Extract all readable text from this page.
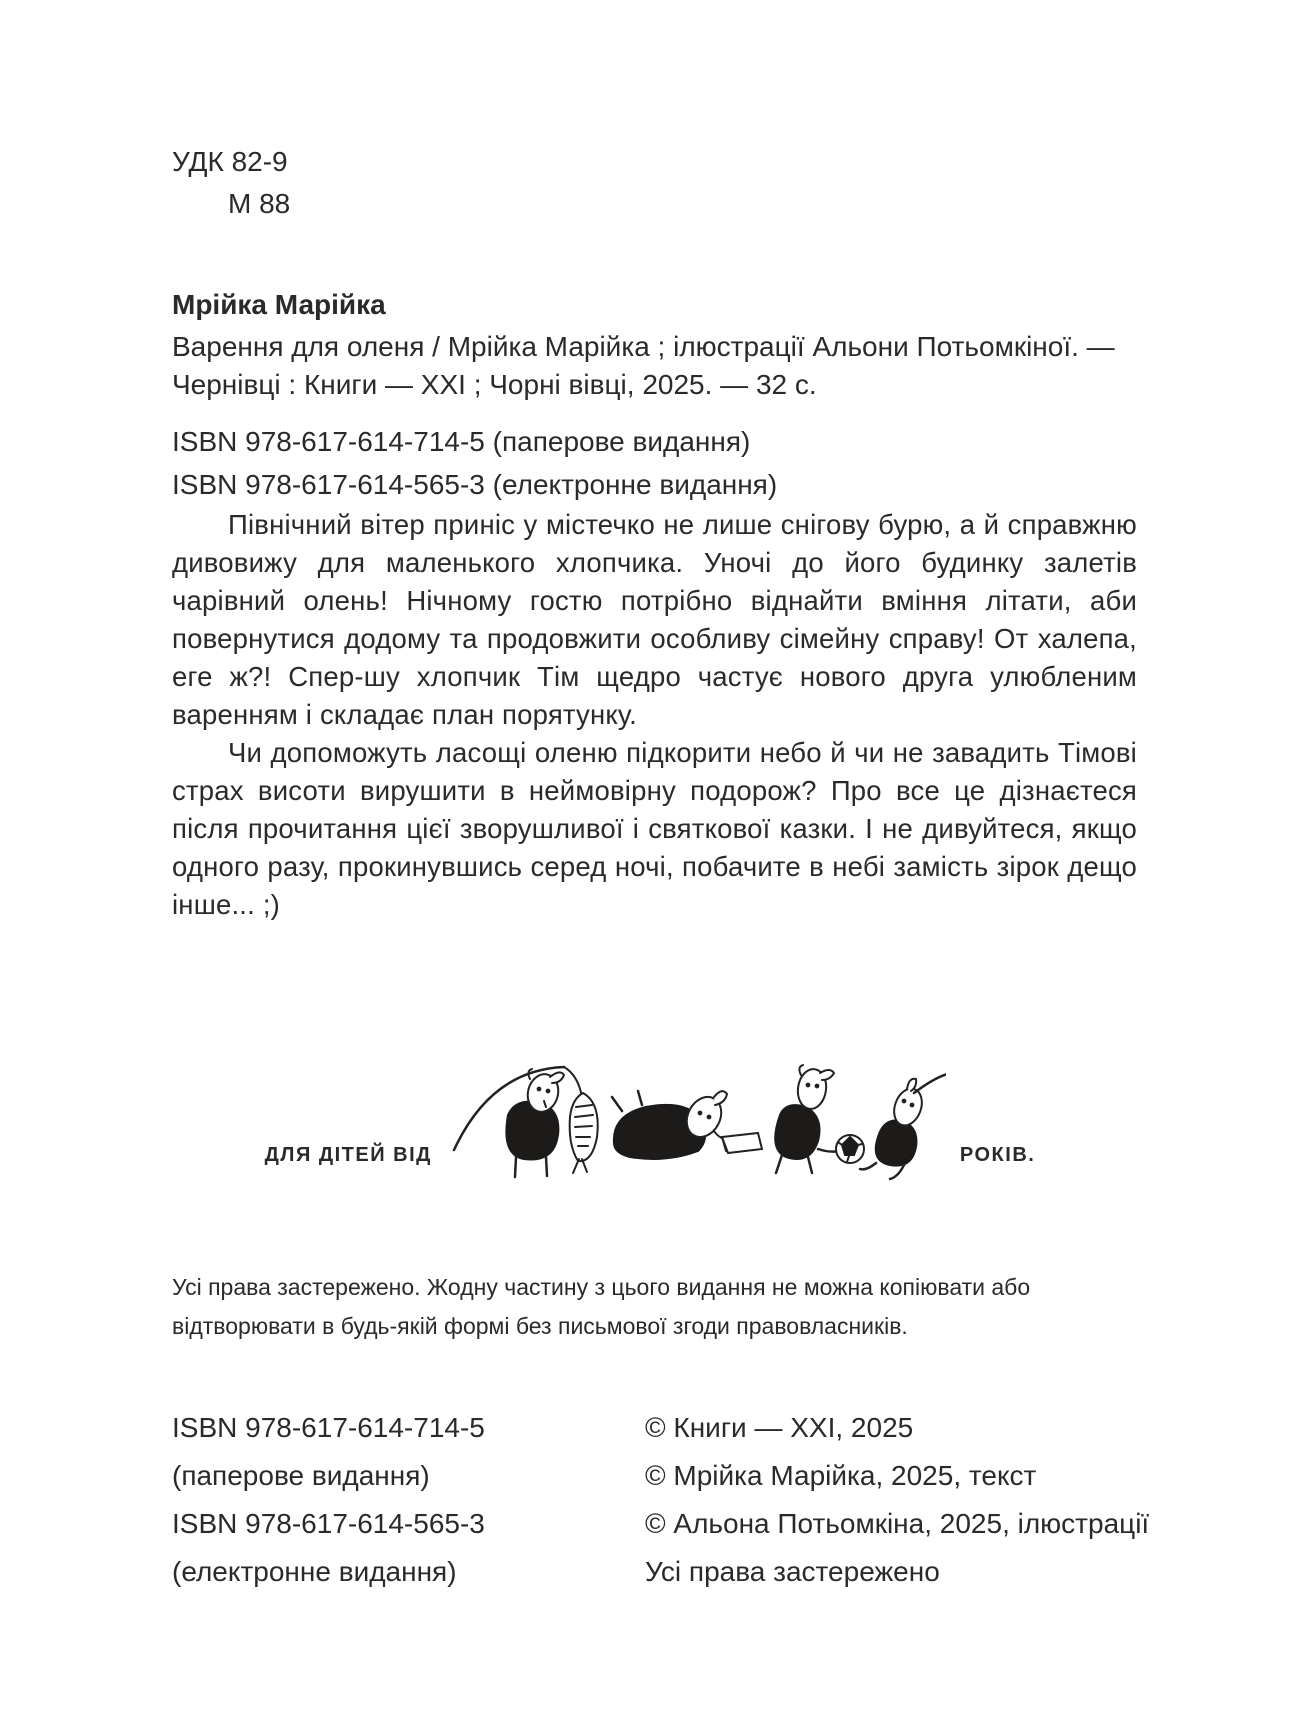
УДК 82-9
М 88
Мрійка Марійка
Варення для оленя / Мрійка Марійка ; ілюстрації Альони Потьомкіної. — Чернівці : Книги — XXI ; Чорні вівці, 2025. — 32 с.
ISBN 978-617-614-714-5 (паперове видання)
ISBN 978-617-614-565-3 (електронне видання)

Північний вітер приніс у містечко не лише снігову бурю, а й справжню дивовижу для маленького хлопчика. Уночі до його будинку залетів чарівний олень! Нічному гостю потрібно віднайти вміння літати, аби повернутися додому та продовжити особливу сімейну справу! От халепа, еге ж?! Спер-шу хлопчик Тім щедро частує нового друга улюбленим варенням і складає план порятунку.

Чи допоможуть ласощі оленю підкорити небо й чи не завадить Тімові страх висоти вирушити в неймовірну подорож? Про все це дізнаєтеся після прочитання цієї зворушливої і святкової казки. І не дивуйтеся, якщо одного разу, прокинувшись серед ночі, побачите в небі замість зірок дещо інше... ;)

ДЛЯ ДІТЕЙ ВІД	РОКІВ.
Усі права застережено. Жодну частину з цього видання не можна копіювати або відтворювати в будь-якій формі без письмової згоди правовласників.
ISBN 978-617-614-714-5
(паперове видання)
ISBN 978-617-614-565-3
(електронне видання)
© Книги — XXI, 2025
© Мрійка Марійка, 2025, текст
© Альона Потьомкіна, 2025, ілюстрації
Усі права застережено
